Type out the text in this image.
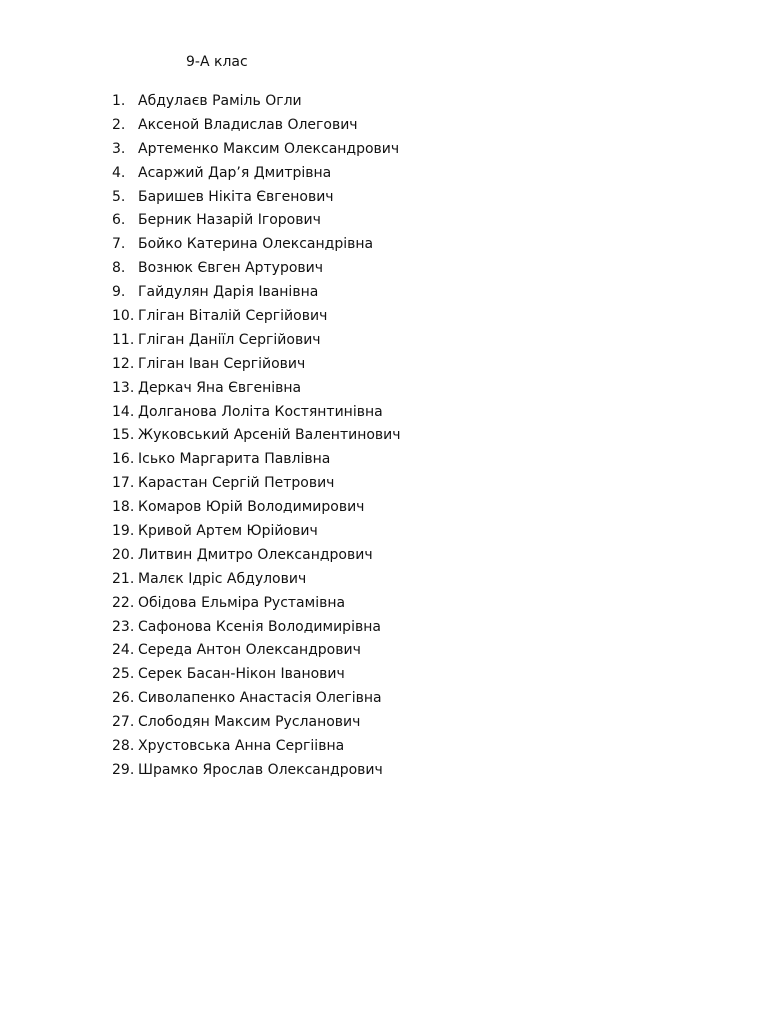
9-А клас
1. Абдулаєв Раміль Огли
2. Аксеной Владислав Олегович
3. Артеменко Максим Олександрович
4. Асаржий Дар’я Дмитрівна
5. Баришев Нікіта Євгенович
6. Берник Назарій Ігорович
7. Бойко Катерина Олександрівна
8. Вознюк Євген Артурович
9. Гайдулян Дарія Іванівна
10. Гліган Віталій Сергійович
11. Гліган Даніїл Сергійович
12. Гліган Іван Сергійович
13. Деркач Яна Євгенівна
14. Долганова Лоліта Костянтинівна
15. Жуковський Арсеній Валентинович
16. Ісько Маргарита Павлівна
17. Карастан Сергій Петрович
18. Комаров Юрій Володимирович
19. Кривой Артем Юрійович
20. Литвин Дмитро Олександрович
21. Малєк Ідріс Абдулович
22. Обідова Ельміра Рустамівна
23. Сафонова Ксенія Володимирівна
24. Середа Антон Олександрович
25. Серек Басан-Нікон Іванович
26. Сиволапенко Анастасія Олегівна
27. Слободян Максим Русланович
28. Хрустовська Анна Сергіівна
29. Шрамко Ярослав Олександрович
